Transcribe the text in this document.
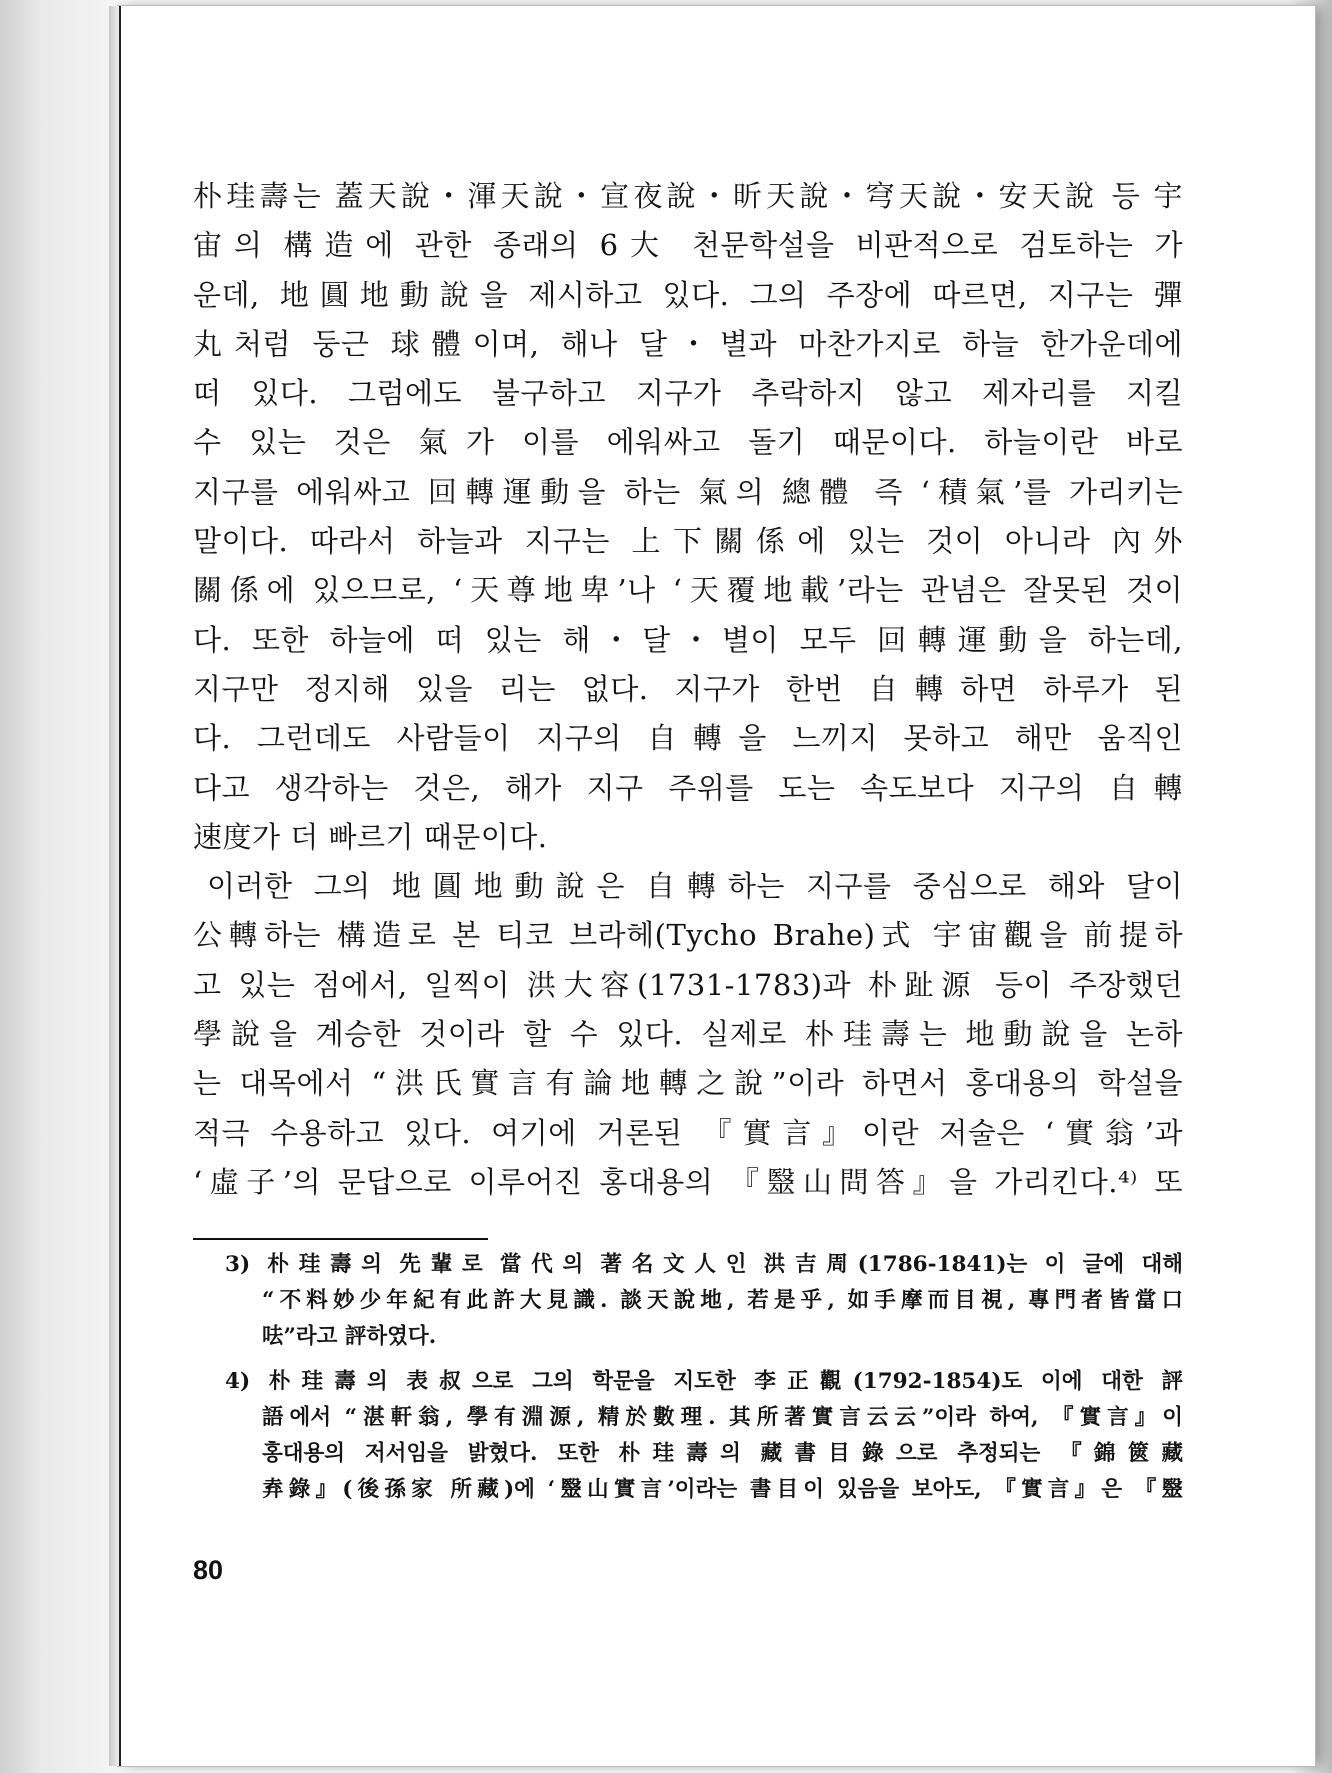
朴珪壽는 蓋天說・渾天說・宣夜說・昕天說・穹天說・安天說 등 宇
宙의 構造에 관한 종래의 6大 천문학설을 비판적으로 검토하는 가
운데, 地圓地動說을 제시하고 있다. 그의 주장에 따르면, 지구는 彈
丸처럼 둥근 球體이며, 해나 달・별과 마찬가지로 하늘 한가운데에
떠 있다. 그럼에도 불구하고 지구가 추락하지 않고 제자리를 지킬
수 있는 것은 氣가 이를 에워싸고 돌기 때문이다. 하늘이란 바로
지구를 에워싸고 回轉運動을 하는 氣의 總體 즉 ‘積氣’를 가리키는
말이다. 따라서 하늘과 지구는 上下關係에 있는 것이 아니라 內外
關係에 있으므로, ‘天尊地卑’나 ‘天覆地載’라는 관념은 잘못된 것이
다. 또한 하늘에 떠 있는 해・달・별이 모두 回轉運動을 하는데,
지구만 정지해 있을 리는 없다. 지구가 한번 自轉하면 하루가 된
다. 그런데도 사람들이 지구의 自轉을 느끼지 못하고 해만 움직인
다고 생각하는 것은, 해가 지구 주위를 도는 속도보다 지구의 自轉
速度가 더 빠르기 때문이다.
이러한 그의 地圓地動說은 自轉하는 지구를 중심으로 해와 달이
公轉하는 構造로 본 티코 브라헤(Tycho Brahe)式 宇宙觀을 前提하
고 있는 점에서, 일찍이 洪大容(1731-1783)과 朴趾源 등이 주장했던
學說을 계승한 것이라 할 수 있다. 실제로 朴珪壽는 地動說을 논하
는 대목에서 “洪氏實言有論地轉之說”이라 하면서 홍대용의 학설을
적극 수용하고 있다. 여기에 거론된 『實言』이란 저술은 ‘實翁’과
‘虛子’의 문답으로 이루어진 홍대용의 『毉山問答』을 가리킨다.⁴⁾ 또
3) 朴珪壽의 先輩로 當代의 著名文人인 洪吉周(1786-1841)는 이 글에 대해
“不料妙少年紀有此許大見識. 談天說地, 若是乎, 如手摩而目視, 專門者皆當口
呿”라고 評하였다.
4) 朴珪壽의 表叔으로 그의 학문을 지도한 李正觀(1792-1854)도 이에 대한 評
語에서 “湛軒翁, 學有淵源, 精於數理. 其所著實言云云”이라 하여, 『實言』이
홍대용의 저서임을 밝혔다. 또한 朴珪壽의 藏書目錄으로 추정되는 『錦篋藏
弆錄』(後孫家 所藏)에 ‘毉山實言’이라는 書目이 있음을 보아도, 『實言』은 『毉
80
